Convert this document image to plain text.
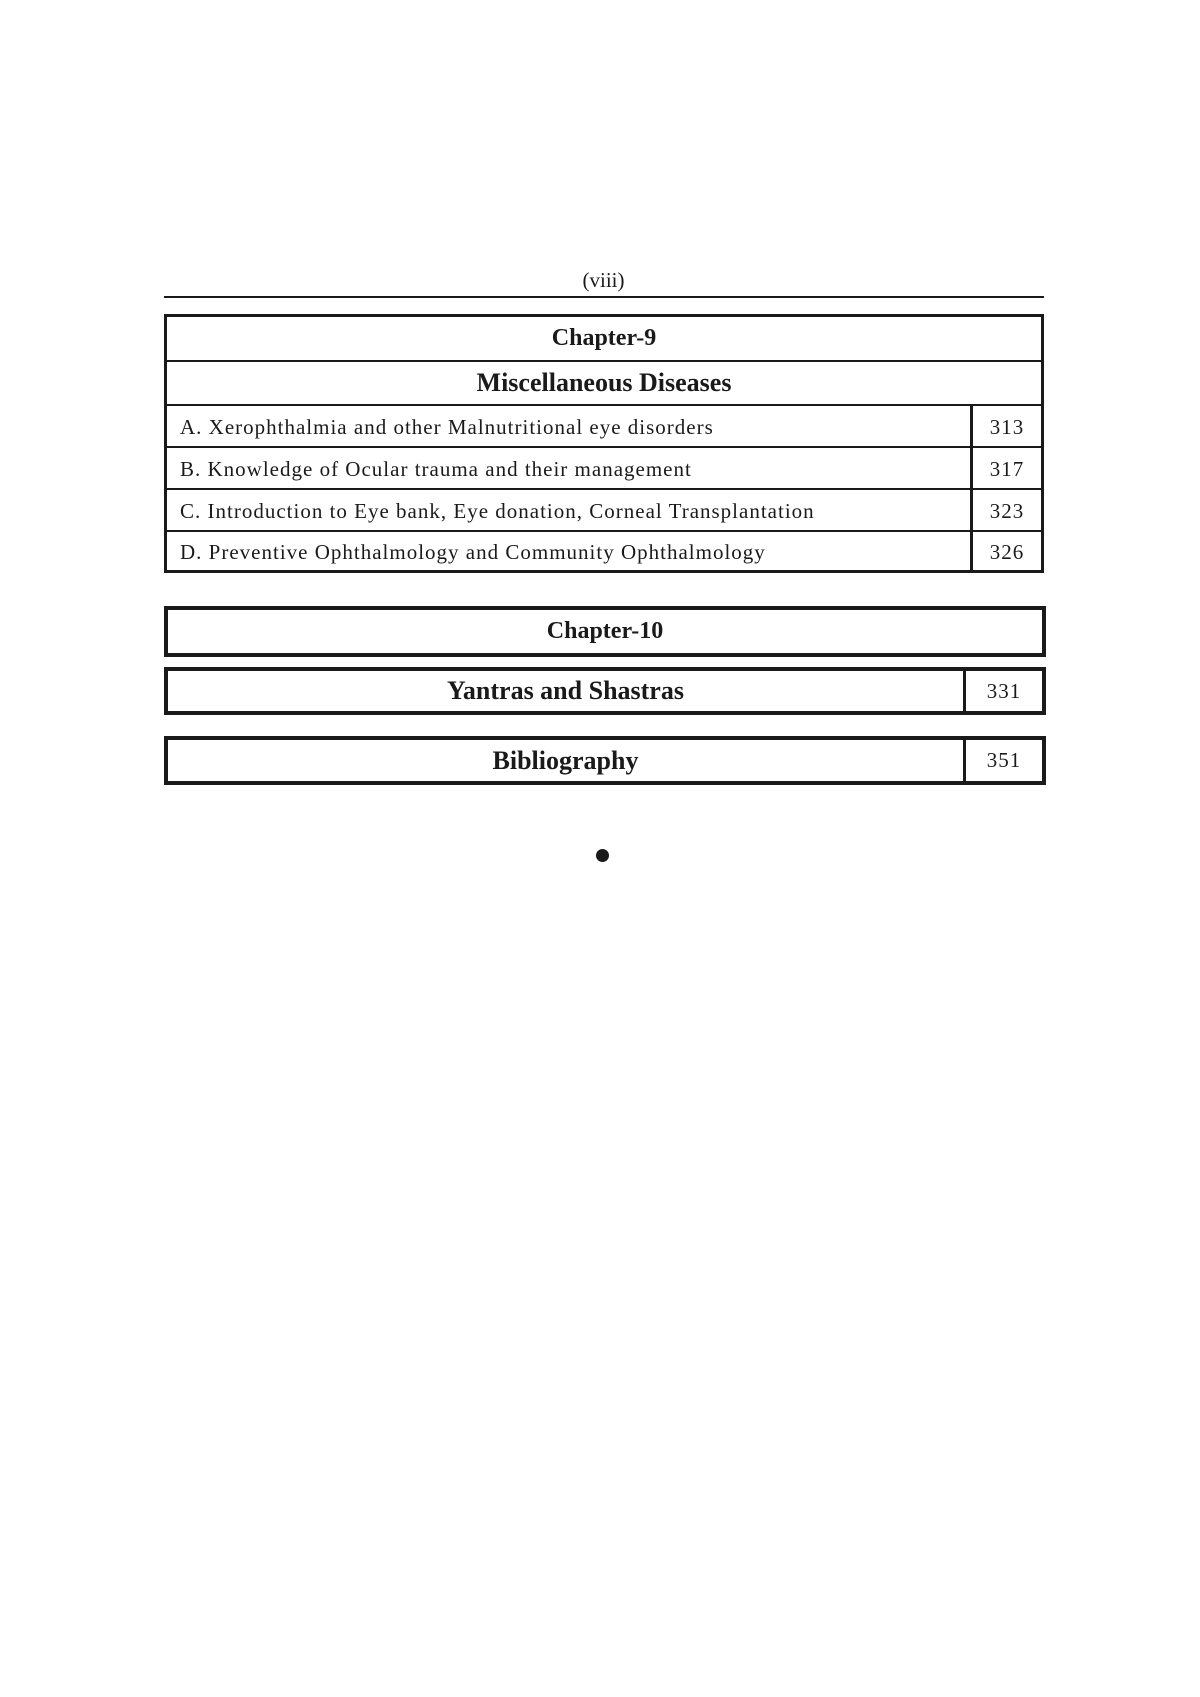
(viii)
Chapter-9
Miscellaneous Diseases
A. Xerophthalmia and other Malnutritional eye disorders	313
B. Knowledge of Ocular trauma and their management	317
C. Introduction to Eye bank, Eye donation, Corneal Transplantation	323
D. Preventive Ophthalmology and Community Ophthalmology	326
Chapter-10
Yantras and Shastras	331
Bibliography	351
